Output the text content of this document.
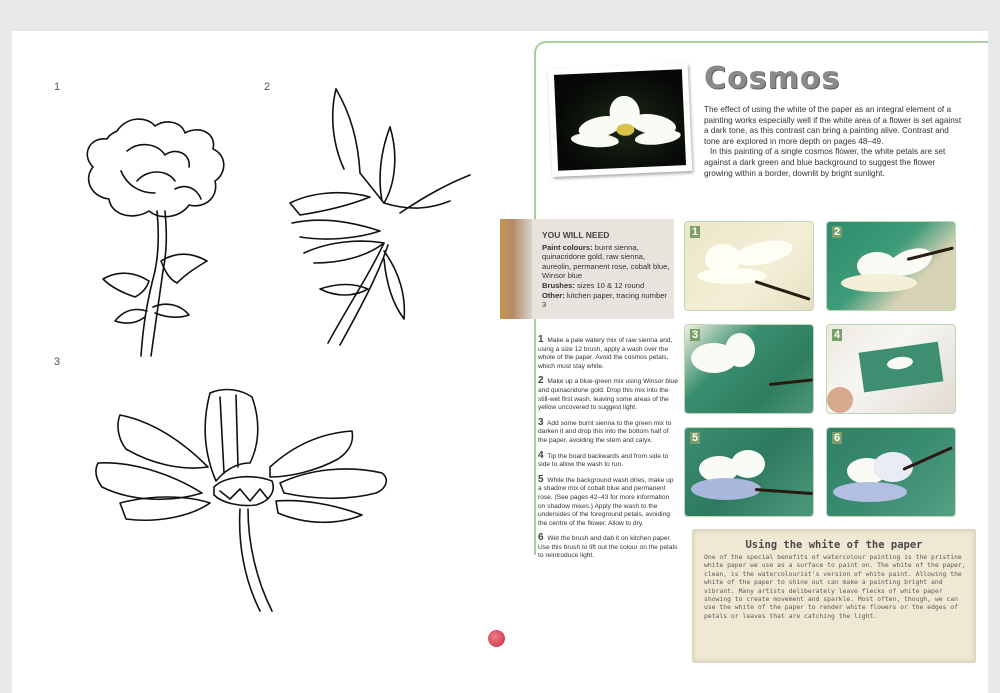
1	2
3
Cosmos

The effect of using the white of the paper as an integral element of a painting works especially well if the white area of a flower is set against a dark tone, as this contrast can bring a painting alive. Contrast and tone are explored in more depth on pages 48–49.

In this painting of a single cosmos flower, the white petals are set against a dark green and blue background to suggest the flower growing within a border, downlit by bright sunlight.

YOU WILL NEED
Paint colours: burnt sienna, quinacridone gold, raw sienna, aureolin, permanent rose, cobalt blue, Winsor blue
Brushes: sizes 10 & 12 round
Other: kitchen paper, tracing number 3
1 Make a pale watery mix of raw sienna and, using a size 12 brush, apply a wash over the whole of the paper. Avoid the cosmos petals, which must stay white.
2 Make up a blue-green mix using Winsor blue and quinacridone gold. Drop this mix into the still-wet first wash, leaving some areas of the yellow uncovered to suggest light.
3 Add some burnt sienna to the green mix to darken it and drop this into the bottom half of the paper, avoiding the stem and calyx.
4 Tip the board backwards and from side to side to allow the wash to run.
5 While the background wash dries, make up a shadow mix of cobalt blue and permanent rose. (See pages 42–43 for more information on shadow mixes.) Apply the wash to the undersides of the foreground petals, avoiding the centre of the flower. Allow to dry.
6 Wet the brush and dab it on kitchen paper. Use this brush to lift out the colour on the petals to reintroduce light.
1	2
3	4
5	6
Using the white of the paper
One of the special benefits of watercolour painting is the pristine white paper we use as a surface to paint on. The white of the paper, clean, is the watercolourist's version of white paint. Allowing the white of the paper to shine out can make a painting bright and vibrant. Many artists deliberately leave flecks of white paper showing to create movement and sparkle. Most often, though, we can use the white of the paper to render white flowers or the edges of petals or leaves that are catching the light.
